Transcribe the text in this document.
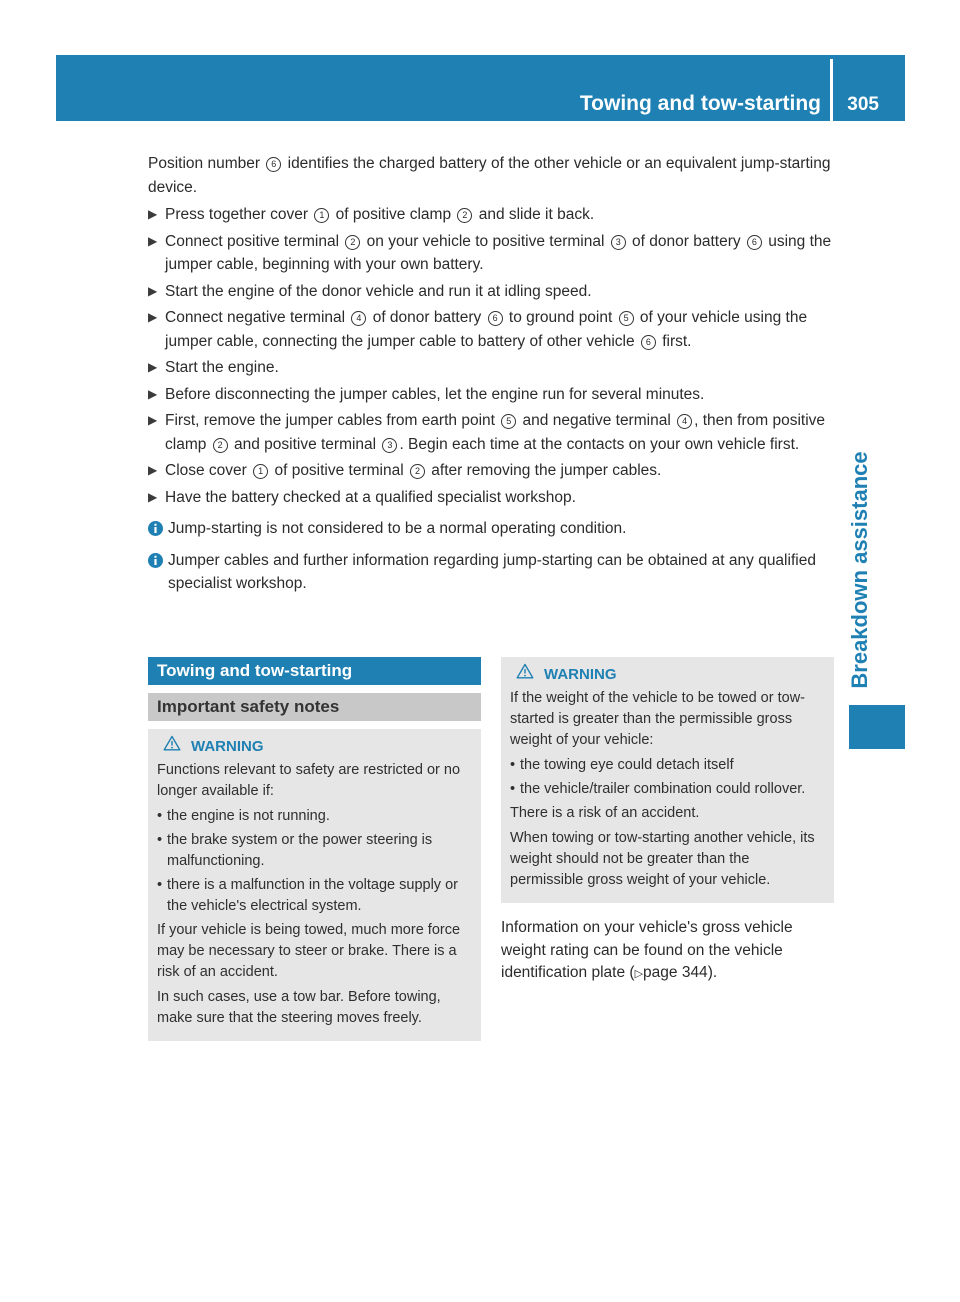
Towing and tow-starting 305
Breakdown assistance

Position number 6 identifies the charged battery of the other vehicle or an equivalent jump-starting device.

▶ Press together cover 1 of positive clamp 2 and slide it back.
▶ Connect positive terminal 2 on your vehicle to positive terminal 3 of donor battery 6 using the jumper cable, beginning with your own battery.
▶ Start the engine of the donor vehicle and run it at idling speed.
▶ Connect negative terminal 4 of donor battery 6 to ground point 5 of your vehicle using the jumper cable, connecting the jumper cable to battery of other vehicle 6 first.
▶ Start the engine.
▶ Before disconnecting the jumper cables, let the engine run for several minutes.
▶ First, remove the jumper cables from earth point 5 and negative terminal 4 , then from positive clamp 2 and positive terminal 3 . Begin each time at the contacts on your own vehicle first.
▶ Close cover 1 of positive terminal 2 after removing the jumper cables.
▶ Have the battery checked at a qualified specialist workshop.
Jump-starting is not considered to be a normal operating condition.
Jumper cables and further information regarding jump-starting can be obtained at any qualified specialist workshop.
Towing and tow-starting
Important safety notes
WARNING

Functions relevant to safety are restricted or no longer available if:

• the engine is not running.
• the brake system or the power steering is malfunctioning.
• there is a malfunction in the voltage supply or the vehicle's electrical system.

If your vehicle is being towed, much more force may be necessary to steer or brake. There is a risk of an accident.

In such cases, use a tow bar. Before towing, make sure that the steering moves freely.

WARNING

If the weight of the vehicle to be towed or tow-started is greater than the permissible gross weight of your vehicle:

• the towing eye could detach itself
• the vehicle/trailer combination could rollover.

There is a risk of an accident.

When towing or tow-starting another vehicle, its weight should not be greater than the permissible gross weight of your vehicle.

Information on your vehicle's gross vehicle weight rating can be found on the vehicle identification plate (▷page 344).
